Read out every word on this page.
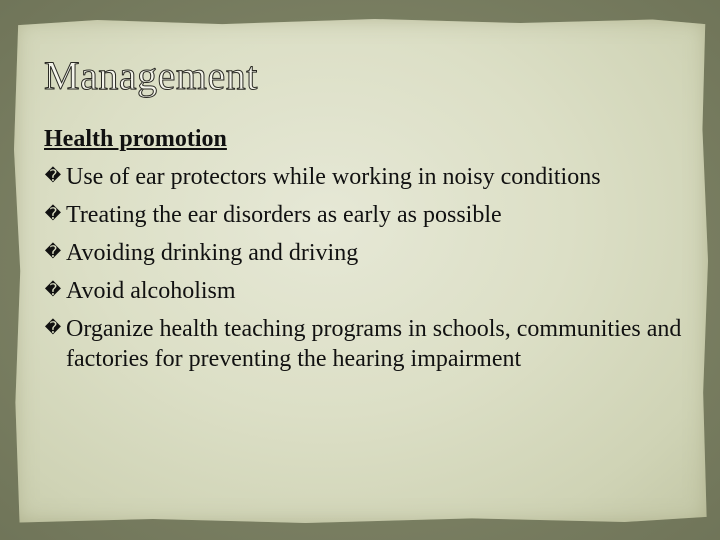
Management
Health promotion
� Use of ear protectors while working in noisy conditions
� Treating the ear disorders as early as possible
� Avoiding drinking and driving
� Avoid alcoholism
� Organize health teaching programs in schools, communities and factories for preventing the hearing impairment
